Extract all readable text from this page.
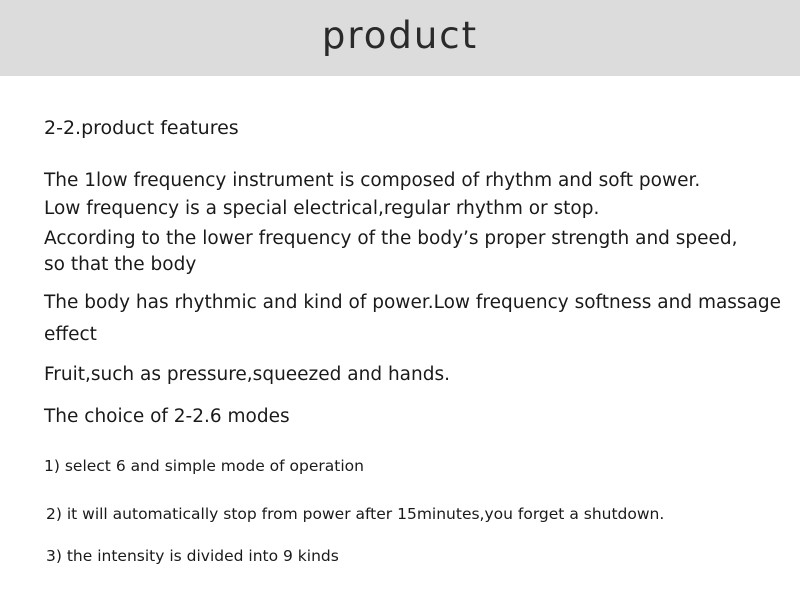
product
2-2.product features
The 1low frequency instrument is composed of rhythm and soft power.
Low frequency is a special electrical,regular rhythm or stop.
According to the lower frequency of the body’s proper strength and speed,
so that the body
The body has rhythmic and kind of power.Low frequency softness and massage
effect
Fruit,such as pressure,squeezed and hands.
The choice of 2-2.6 modes
1) select 6 and simple mode of operation
2) it will automatically stop from power after 15minutes,you forget a shutdown.
3) the intensity is divided into 9 kinds
